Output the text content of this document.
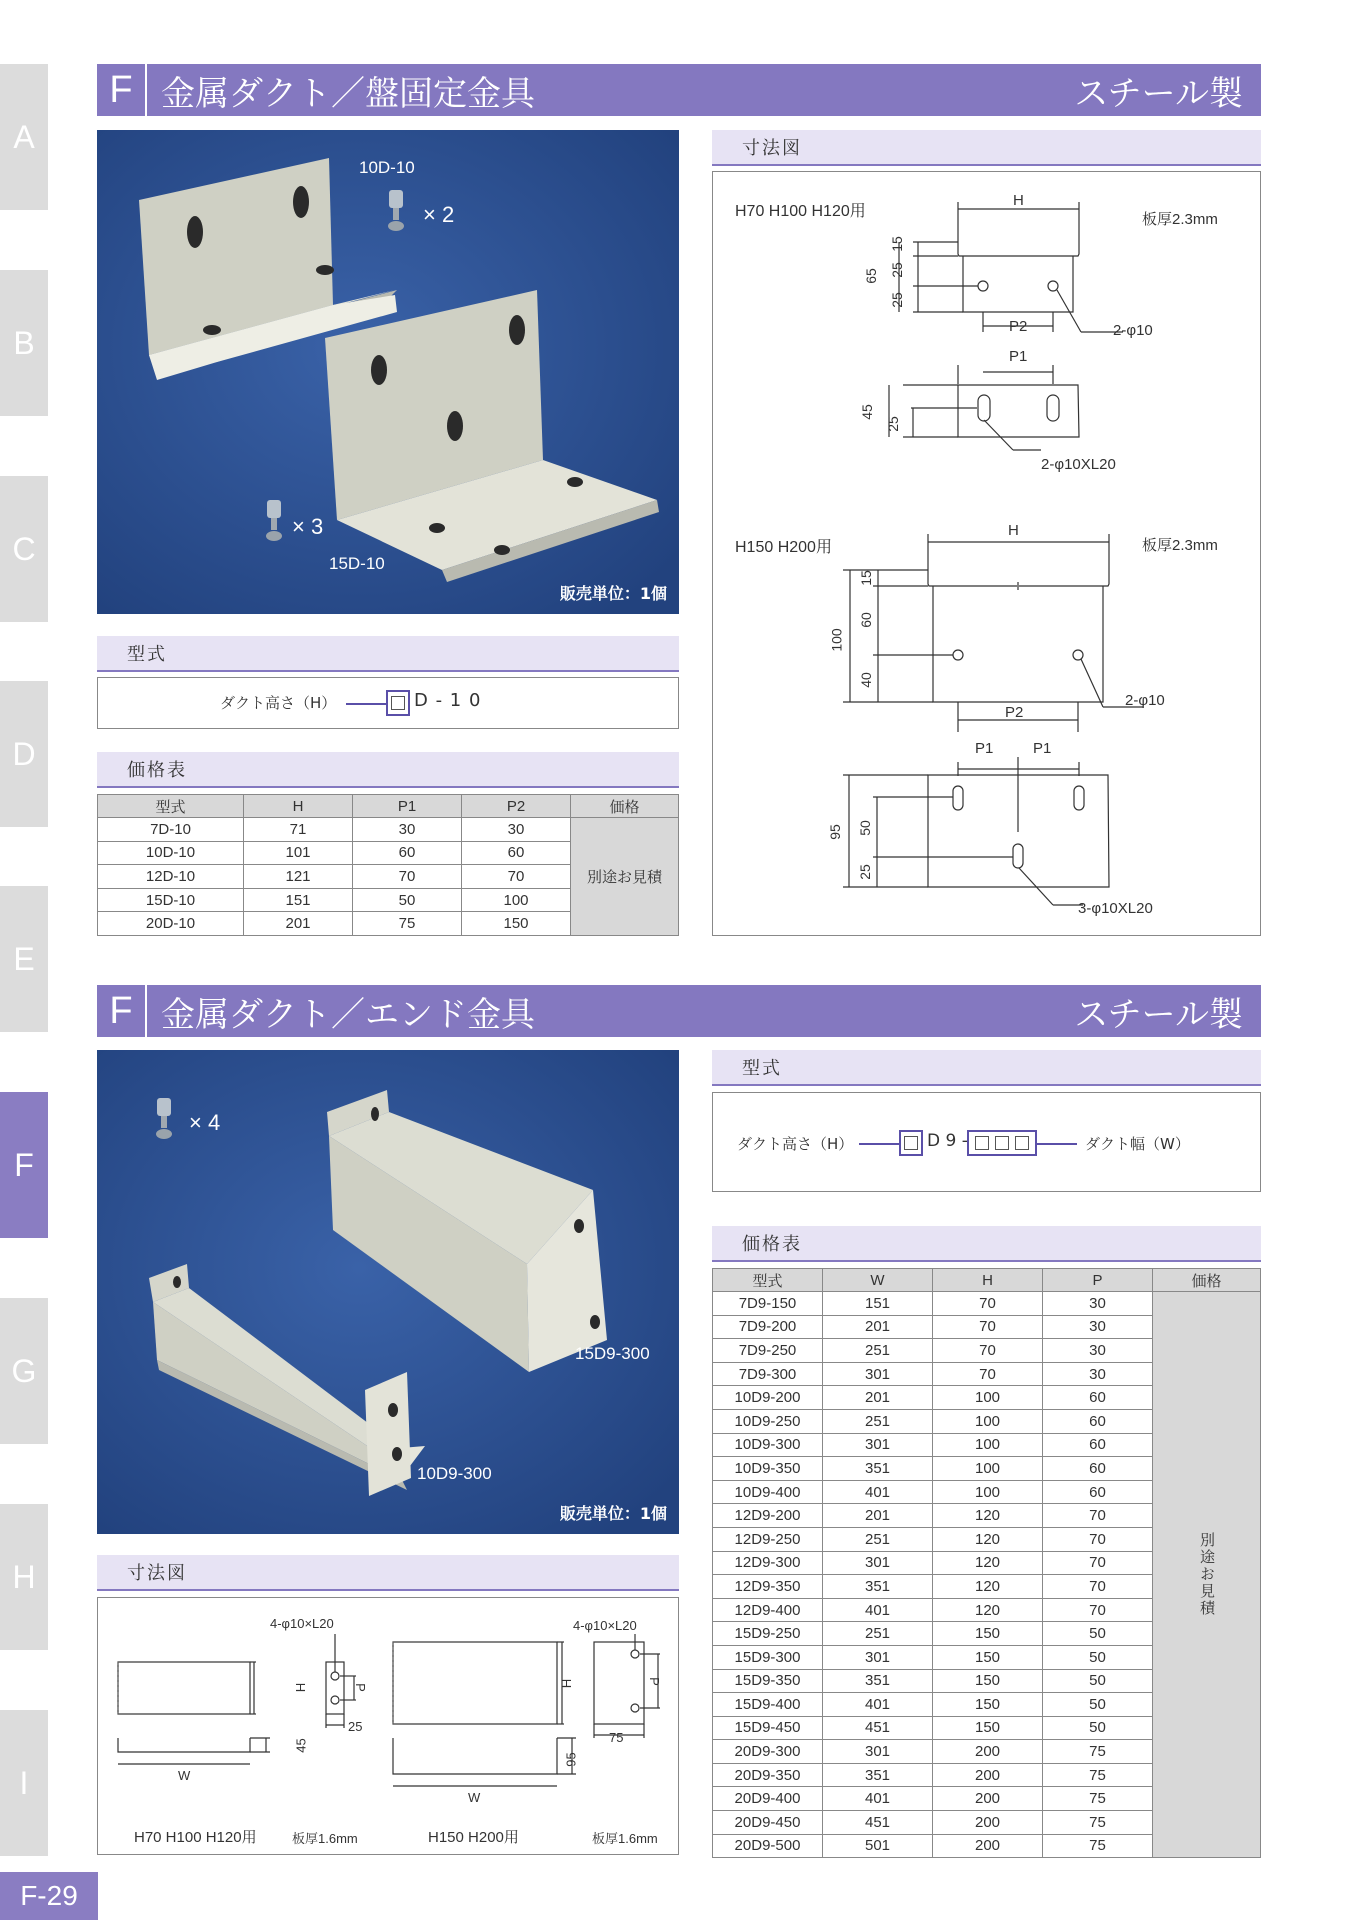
A
B
C
D
E
F
G
H
I
F-29
F 金属ダクト／盤固定金具	スチール製
10D-10
× 2
× 3
15D-10
販売単位：1個
型式
ダクト高さ（H）	D - 1 0
価格表
型式	H	P1	P2	価格
7D-10	71	30	30	別途お見積
10D-10	101	60	60	
12D-10	121	70	70	
15D-10	151	50	100	
20D-10	201	75	150	
寸法図
H70 H100 H120用	板厚2.3mm
H
P2	2-φ10
P1
2-φ10XL20
65
25
25
15
45
25
H150 H200用	板厚2.3mm
H
P2
2-φ10
P1	P1
3-φ10XL20
100
15
60
40
95 50
25
F 金属ダクト／エンド金具	スチール製
× 4
15D9-300
10D9-300
販売単位：1個
型式
ダクト高さ（H）	D 9 -	ダクト幅（W）
価格表
型式	W	H	P	価格
7D9-150	151	70	30	別途お見積
7D9-200	201	70	30	
7D9-250	251	70	30	
7D9-300	301	70	30	
10D9-200	201	100	60	
10D9-250	251	100	60	
10D9-300	301	100	60	
10D9-350	351	100	60	
10D9-400	401	100	60	
12D9-200	201	120	70	
12D9-250	251	120	70	
12D9-300	301	120	70	
12D9-350	351	120	70	
12D9-400	401	120	70	
15D9-250	251	150	50	
15D9-300	301	150	50	
15D9-350	351	150	50	
15D9-400	401	150	50	
15D9-450	451	150	50	
20D9-300	301	200	75	
20D9-350	351	200	75	
20D9-400	401	200	75	
20D9-450	451	200	75	
20D9-500	501	200	75	
寸法図
4-φ10×L20
H	P
25
45
W
4-φ10×L20
H	P
75
95
W
H70 H100 H120用	板厚1.6mm	H150 H200用	板厚1.6mm
